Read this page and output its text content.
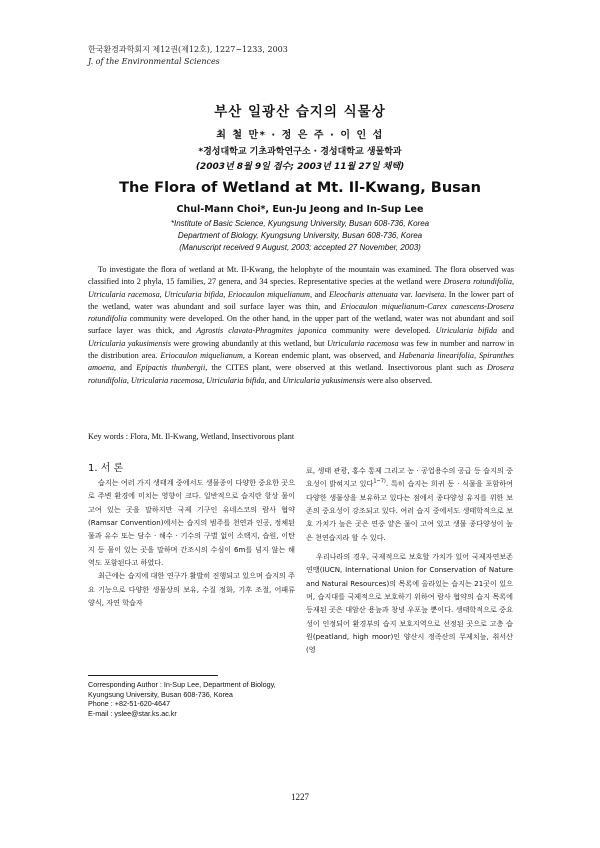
한국환경과학회지 제12권(제12호), 1227~1233, 2003
J. of the Environmental Sciences
부산 일광산 습지의 식물상
최 철 만* · 정 은 주 · 이 인 섭
*경성대학교 기초과학연구소 · 경성대학교 생물학과
(2003년 8월 9일 접수; 2003년 11월 27일 채택)
The Flora of Wetland at Mt. Il-Kwang, Busan
Chul-Mann Choi*, Eun-Ju Jeong and In-Sup Lee
*Institute of Basic Science, Kyungsung University, Busan 608-736, Korea
Department of Biology, Kyungsung University, Busan 608-736, Korea
(Manuscript received 9 August, 2003; accepted 27 November, 2003)
To investigate the flora of wetland at Mt. Il-Kwang, the helophyte of the mountain was examined. The flora observed was classified into 2 phyla, 15 families, 27 genera, and 34 species. Representative species at the wetland were Drosera rotundifolia, Utricularia racemosa, Utricularia bifida, Eriocaulon miquelianum, and Eleocharis attenuata var. laeviseta. In the lower part of the wetland, water was abundant and soil surface layer was thin, and Eriocaulon miquelianum-Carex canescens-Drosera rotundifolia community were developed. On the other hand, in the upper part of the wetland, water was not abundant and soil surface layer was thick, and Agrostis clavata-Phragmites japonica community were developed. Utricularia bifida and Utricularia yakusimensis were growing abundantly at this wetland, but Utricularia racemosa was few in number and narrow in the distribution area. Eriocaulon miquelianum, a Korean endemic plant, was observed, and Habenaria linearifolia, Spiranthes amoena, and Epipactis thunbergii, the CITES plant, were observed at this wetland. Insectivorous plant such as Drosera rotundifolia, Utricularia racemosa, Utricularia bifida, and Utricularia yakusimensis were also observed.
Key words : Flora, Mt. Il-Kwang, Wetland, Insectivorous plant
1. 서 론

습지는 여러 가지 생태계 중에서도 생물종이 다양한 중요한 곳으로 주변 환경에 미치는 영향이 크다. 일반적으로 습지란 항상 물이 고여 있는 곳을 말하지만 국제 기구인 유네스코의 람사 협약(Ramsar Convention)에서는 습지의 범주를 천연과 인공, 정체된 물과 유수 또는 담수 · 해수 · 기수의 구별 없이 소택지, 습원, 이탄지 등 물이 있는 곳을 말하며 간조시의 수심이 6m를 넘지 않는 해역도 포함된다고 하였다.

최근에는 습지에 대한 연구가 활발히 진행되고 있으며 습지의 주요 기능으로 다양한 생물상의 보유, 수질 정화, 기후 조절, 어패류 양식, 자연 학습자

료, 생태 관광, 홍수 통제 그리고 농 · 공업용수의 공급 등 습지의 중요성이 밝혀지고 있다$^{1\sim 7)}$. 특히 습지는 희귀 동 · 식물을 포함하여 다양한 생물상을 보유하고 있다는 점에서 종다양성 유지를 위한 보존의 중요성이 강조되고 있다. 여러 습지 중에서도 생태학적으로 보호 가치가 높은 곳은 연중 얕은 물이 고여 있고 생물 종다양성이 높은 천연습지라 할 수 있다.

우리나라의 경우, 국제적으로 보호할 가치가 있어 국제자연보존연맹(IUCN, International Union for Conservation of Nature and Natural Resources)의 목록에 올라있는 습지는 21곳이 있으며, 습지대를 국제적으로 보호하기 위하여 람사 협약의 습지 목록에 등재된 곳은 대암산 용늪과 창녕 우포늪 뿐이다. 생태학적으로 중요성이 인정되어 환경부의 습지 보호지역으로 선정된 곳으로 고층 습원(peatland, high moor)인 양산시 정족산의 무제치늪, 취서산(영

Corresponding Author : In-Sup Lee, Department of Biology,
Kyungsung University, Busan 608-736, Korea
Phone : +82-51-620-4647
E-mail : yslee@star.ks.ac.kr
1227
